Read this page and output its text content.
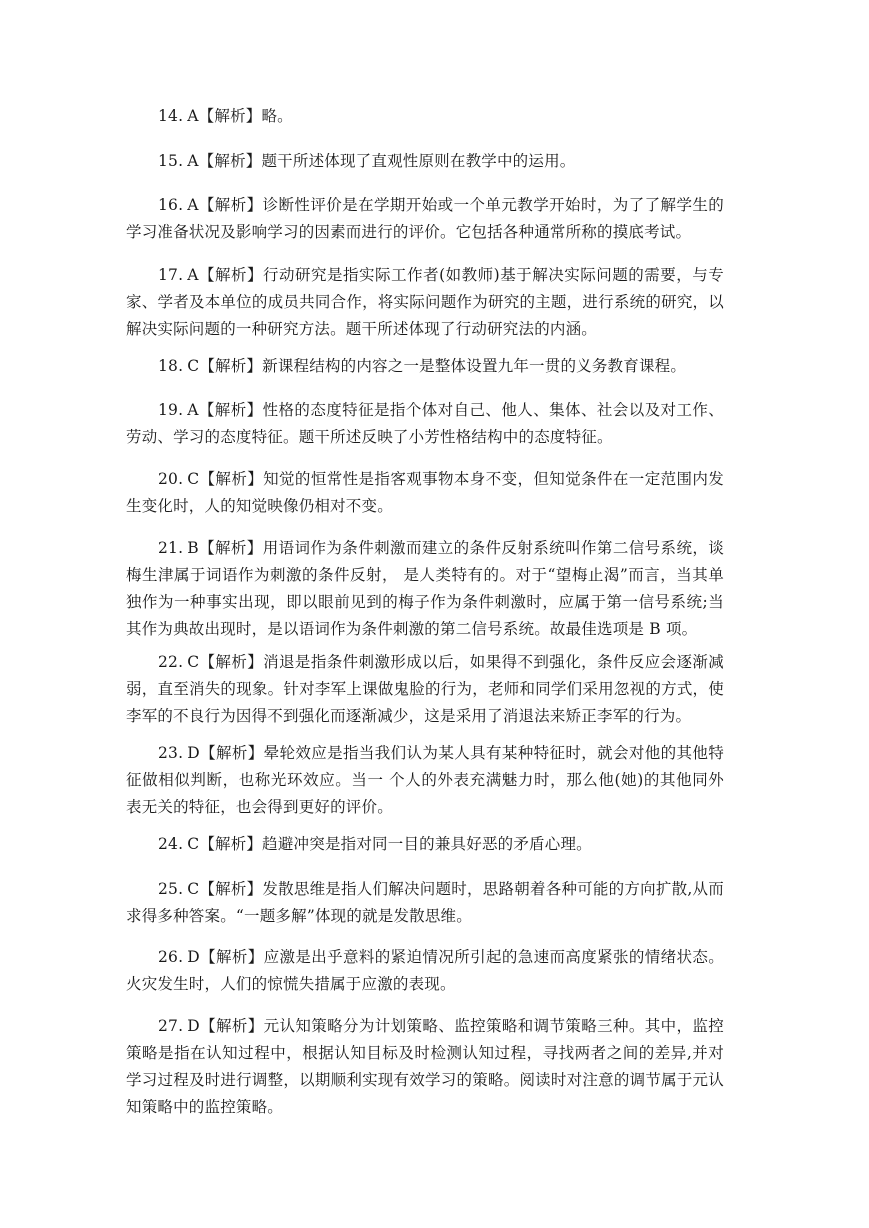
14. A【解析】略。
15. A【解析】题干所述体现了直观性原则在教学中的运用。
16. A【解析】诊断性评价是在学期开始或一个单元教学开始时，为了了解学生的学习准备状况及影响学习的因素而进行的评价。它包括各种通常所称的摸底考试。
17. A【解析】行动研究是指实际工作者(如教师)基于解决实际问题的需要，与专家、学者及本单位的成员共同合作，将实际问题作为研究的主题，进行系统的研究，以解决实际问题的一种研究方法。题干所述体现了行动研究法的内涵。
18. C【解析】新课程结构的内容之一是整体设置九年一贯的义务教育课程。
19. A【解析】性格的态度特征是指个体对自己、他人、集体、社会以及对工作、劳动、学习的态度特征。题干所述反映了小芳性格结构中的态度特征。
20. C【解析】知觉的恒常性是指客观事物本身不变，但知觉条件在一定范围内发生变化时，人的知觉映像仍相对不变。
21. B【解析】用语词作为条件刺激而建立的条件反射系统叫作第二信号系统，谈梅生津属于词语作为刺激的条件反射， 是人类特有的。对于“望梅止渴”而言，当其单独作为一种事实出现，即以眼前见到的梅子作为条件刺激时，应属于第一信号系统;当其作为典故出现时，是以语词作为条件刺激的第二信号系统。故最佳选项是 B 项。
22. C【解析】消退是指条件刺激形成以后，如果得不到强化，条件反应会逐渐减弱，直至消失的现象。针对李军上课做鬼脸的行为，老师和同学们采用忽视的方式，使李军的不良行为因得不到强化而逐渐减少，这是采用了消退法来矫正李军的行为。
23. D【解析】晕轮效应是指当我们认为某人具有某种特征时，就会对他的其他特征做相似判断，也称光环效应。当一 个人的外表充满魅力时，那么他(她)的其他同外表无关的特征，也会得到更好的评价。
24. C【解析】趋避冲突是指对同一目的兼具好恶的矛盾心理。
25. C【解析】发散思维是指人们解决问题时，思路朝着各种可能的方向扩散,从而求得多种答案。“一题多解”体现的就是发散思维。
26. D【解析】应激是出乎意料的紧迫情况所引起的急速而高度紧张的情绪状态。火灾发生时，人们的惊慌失措属于应激的表现。
27. D【解析】元认知策略分为计划策略、监控策略和调节策略三种。其中，监控策略是指在认知过程中，根据认知目标及时检测认知过程，寻找两者之间的差异,并对学习过程及时进行调整，以期顺利实现有效学习的策略。阅读时对注意的调节属于元认知策略中的监控策略。
